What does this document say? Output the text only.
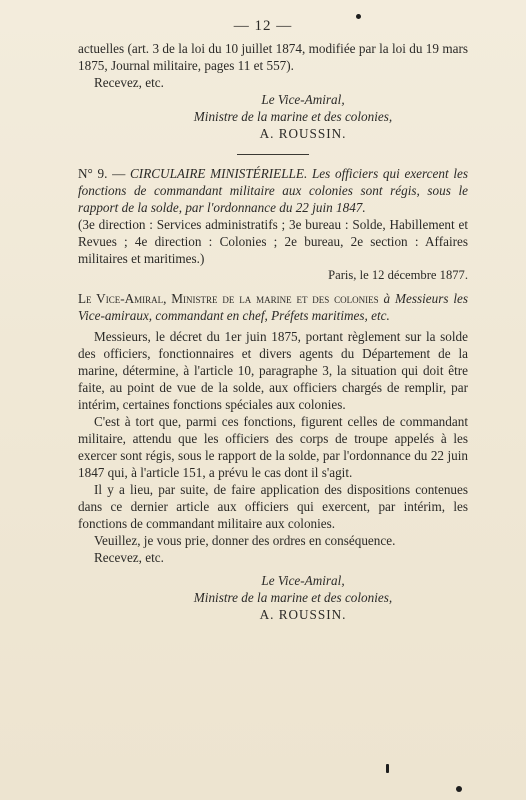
— 12 —

actuelles (art. 3 de la loi du 10 juillet 1874, modifiée par la loi du 19 mars 1875, Journal militaire, pages 11 et 557).

Recevez, etc.

Le Vice-Amiral,

Ministre de la marine et des colonies,

A. ROUSSIN.

N° 9. — CIRCULAIRE MINISTÉRIELLE. Les officiers qui exercent les fonctions de commandant militaire aux colonies sont régis, sous le rapport de la solde, par l'ordonnance du 22 juin 1847.

(3e direction : Services administratifs ; 3e bureau : Solde, Habillement et Revues ; 4e direction : Colonies ; 2e bureau, 2e section : Affaires militaires et maritimes.)

Paris, le 12 décembre 1877.

Le Vice-Amiral, Ministre de la marine et des colonies à Messieurs les Vice-amiraux, commandant en chef, Préfets maritimes, etc.

Messieurs, le décret du 1er juin 1875, portant règlement sur la solde des officiers, fonctionnaires et divers agents du Département de la marine, détermine, à l'article 10, paragraphe 3, la situation qui doit être faite, au point de vue de la solde, aux officiers chargés de remplir, par intérim, certaines fonctions spéciales aux colonies.

C'est à tort que, parmi ces fonctions, figurent celles de commandant militaire, attendu que les officiers des corps de troupe appelés à les exercer sont régis, sous le rapport de la solde, par l'ordonnance du 22 juin 1847 qui, à l'article 151, a prévu le cas dont il s'agit.

Il y a lieu, par suite, de faire application des dispositions contenues dans ce dernier article aux officiers qui exercent, par intérim, les fonctions de commandant militaire aux colonies.

Veuillez, je vous prie, donner des ordres en conséquence.

Recevez, etc.

Le Vice-Amiral,

Ministre de la marine et des colonies,

A. ROUSSIN.
